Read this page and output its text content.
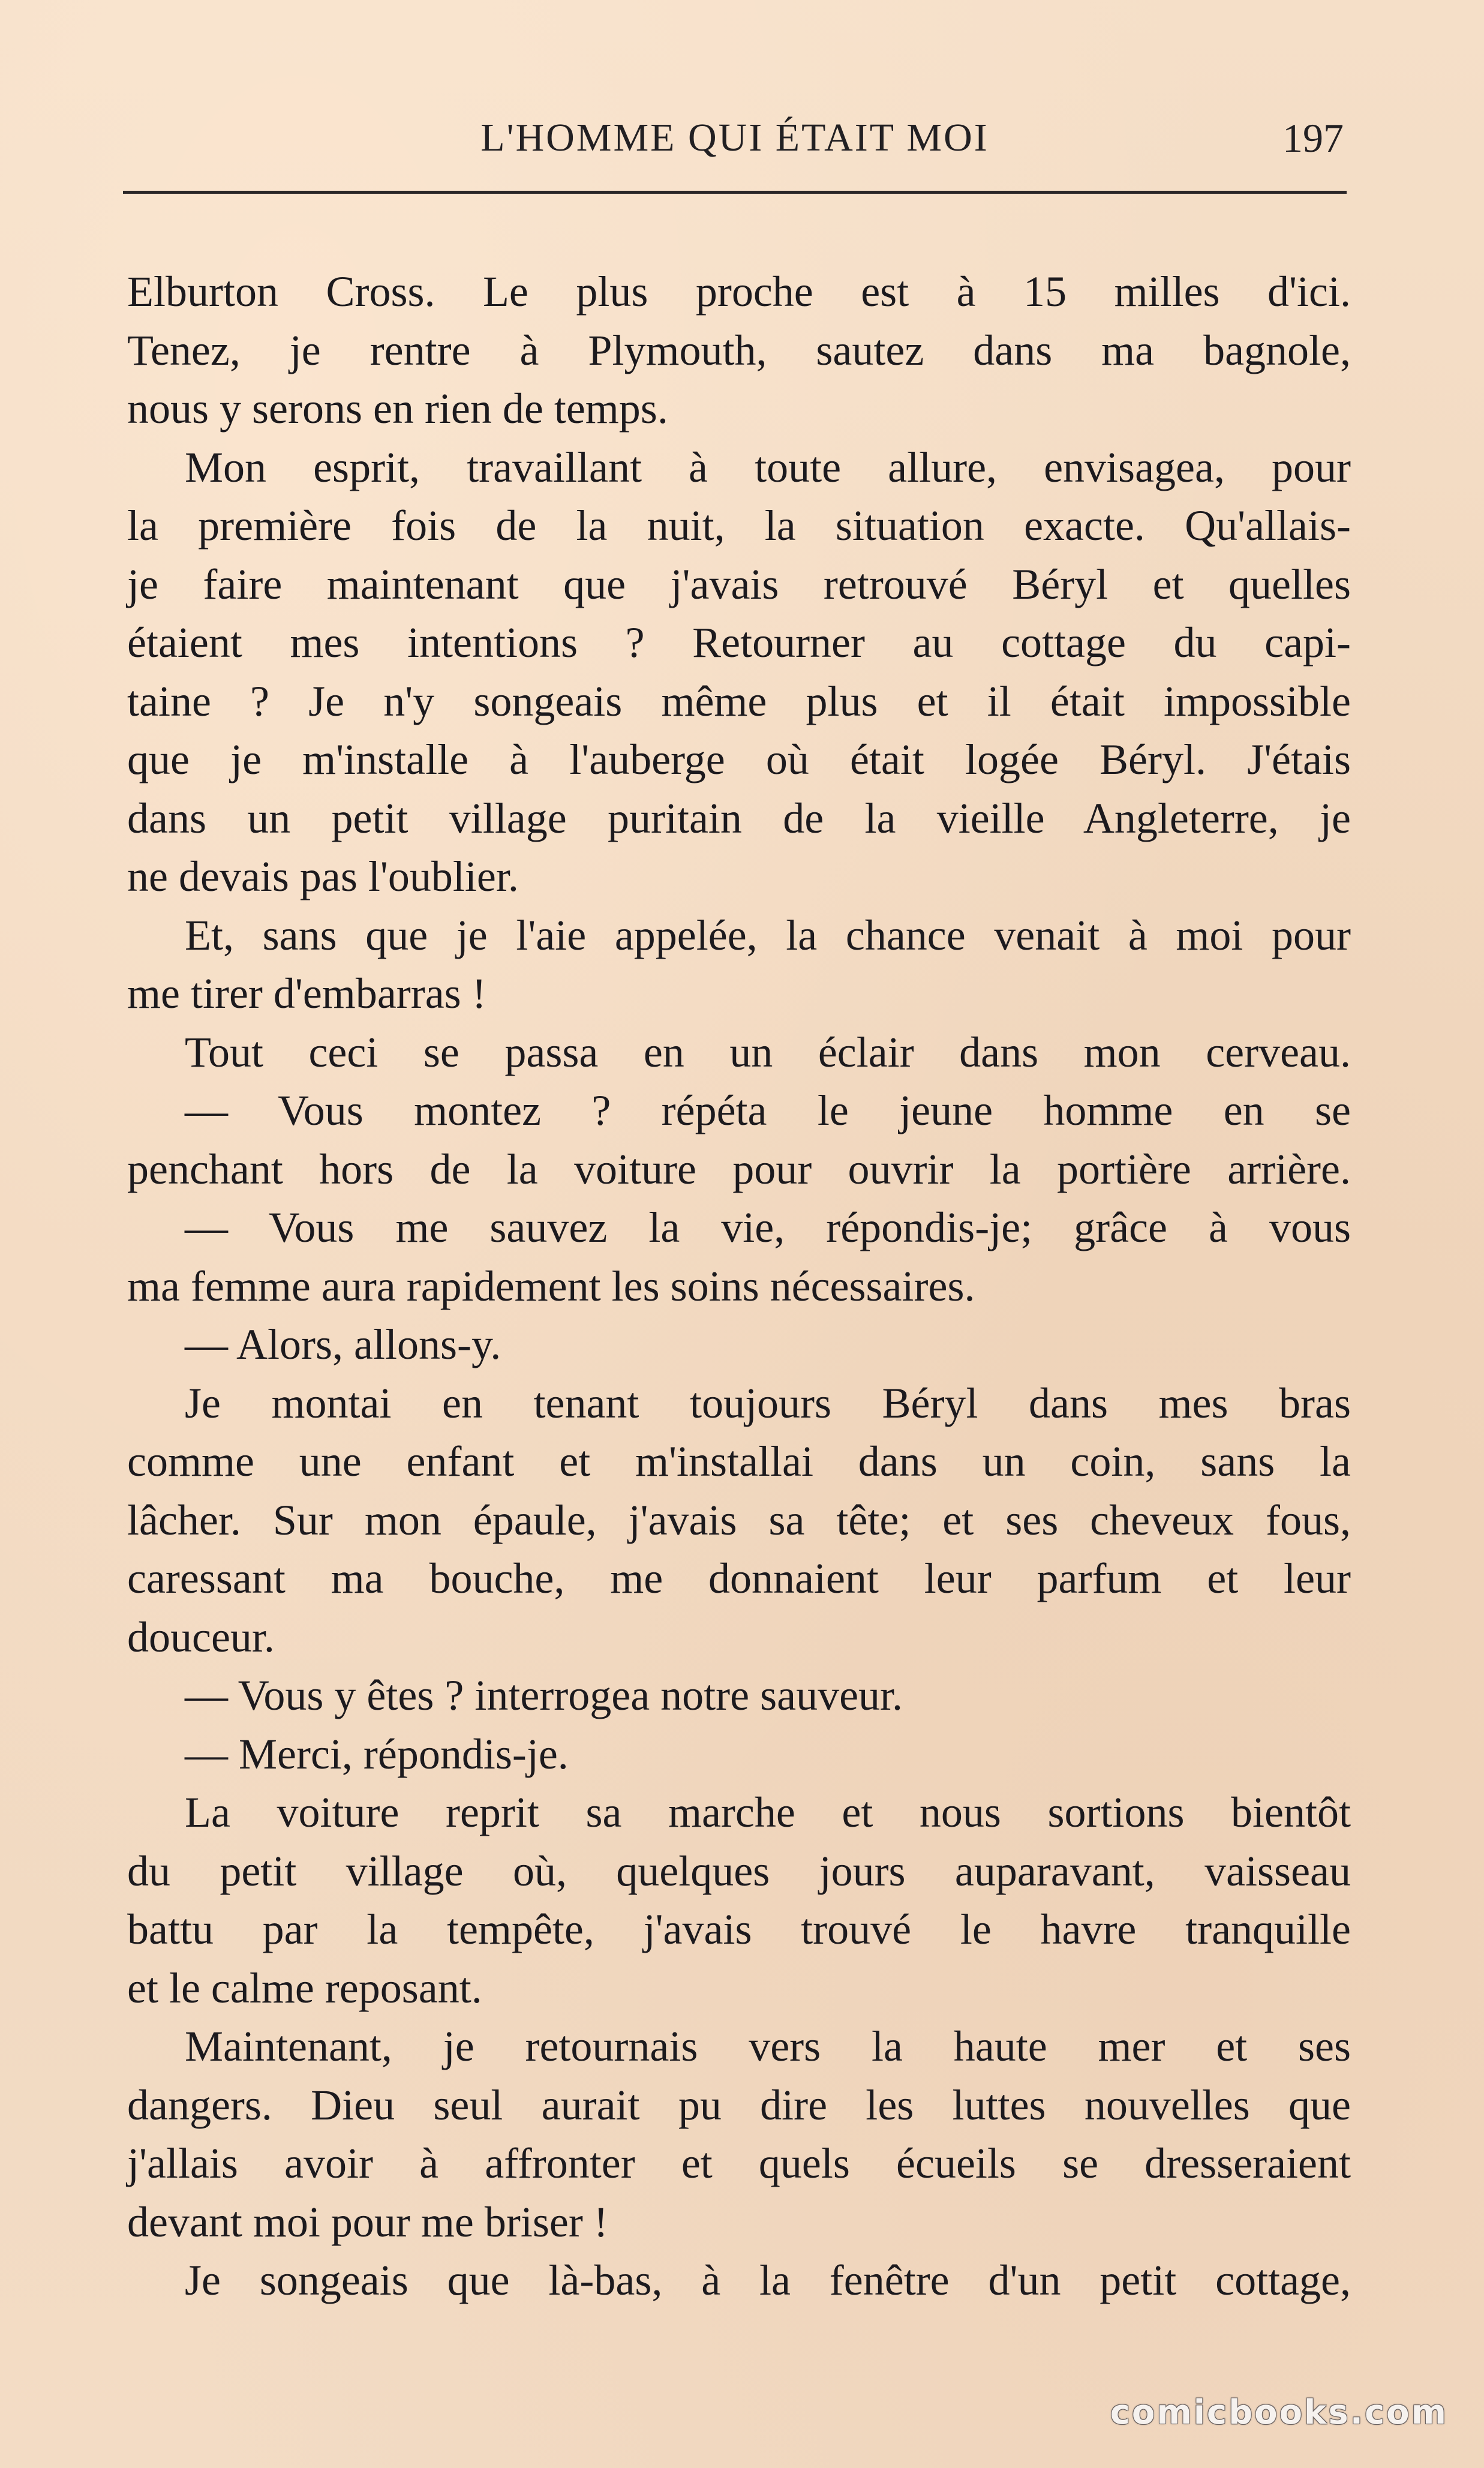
L'HOMME QUI ÉTAIT MOI	197
Elburton Cross. Le plus proche est à 15 milles d'ici.
Tenez, je rentre à Plymouth, sautez dans ma bagnole,
nous y serons en rien de temps.
Mon esprit, travaillant à toute allure, envisagea, pour
la première fois de la nuit, la situation exacte. Qu'allais-
je faire maintenant que j'avais retrouvé Béryl et quelles
étaient mes intentions ? Retourner au cottage du capi-
taine ? Je n'y songeais même plus et il était impossible
que je m'installe à l'auberge où était logée Béryl. J'étais
dans un petit village puritain de la vieille Angleterre, je
ne devais pas l'oublier.
Et, sans que je l'aie appelée, la chance venait à moi pour
me tirer d'embarras !
Tout ceci se passa en un éclair dans mon cerveau.
— Vous montez ? répéta le jeune homme en se
penchant hors de la voiture pour ouvrir la portière arrière.
— Vous me sauvez la vie, répondis-je; grâce à vous
ma femme aura rapidement les soins nécessaires.
— Alors, allons-y.
Je montai en tenant toujours Béryl dans mes bras
comme une enfant et m'installai dans un coin, sans la
lâcher. Sur mon épaule, j'avais sa tête; et ses cheveux fous,
caressant ma bouche, me donnaient leur parfum et leur
douceur.
— Vous y êtes ? interrogea notre sauveur.
— Merci, répondis-je.
La voiture reprit sa marche et nous sortions bientôt
du petit village où, quelques jours auparavant, vaisseau
battu par la tempête, j'avais trouvé le havre tranquille
et le calme reposant.
Maintenant, je retournais vers la haute mer et ses
dangers. Dieu seul aurait pu dire les luttes nouvelles que
j'allais avoir à affronter et quels écueils se dresseraient
devant moi pour me briser !
Je songeais que là-bas, à la fenêtre d'un petit cottage,
comicbooks.com
